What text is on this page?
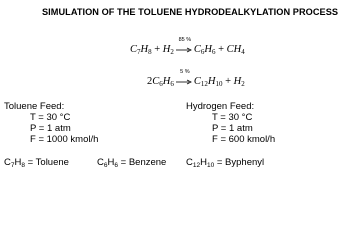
SIMULATION OF THE TOLUENE HYDRODEALKYLATION PROCESS
$C_7H_8 + H_2$
85 %
$C_6H_6 + CH_4$
$2C_6H_6$
5 %
$C_{12}H_{10} + H_2$
Toluene Feed:
T = 30 °C
P = 1 atm
F = 1000 kmol/h
Hydrogen Feed:
T = 30 °C
P = 1 atm
F = 600 kmol/h
$C_7H_8$ = Toluene	$C_6H_6$ = Benzene $C_{12}H_{10}$ = Byphenyl
